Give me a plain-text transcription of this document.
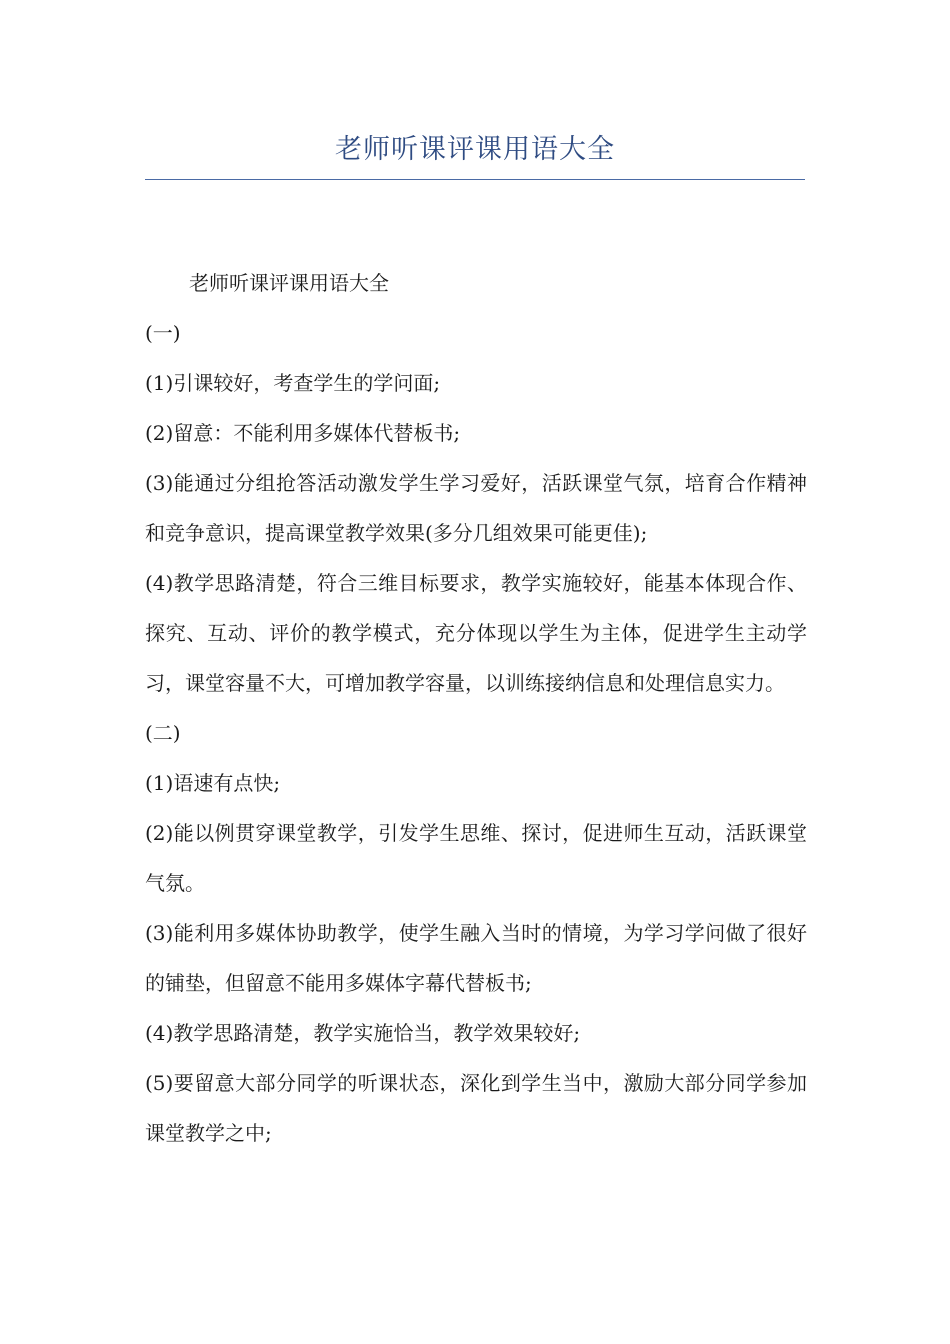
老师听课评课用语大全

老师听课评课用语大全

(一)

(1)引课较好，考查学生的学问面;

(2)留意：不能利用多媒体代替板书;

(3)能通过分组抢答活动激发学生学习爱好，活跃课堂气氛，培育合作精神和竞争意识，提高课堂教学效果(多分几组效果可能更佳);

(4)教学思路清楚，符合三维目标要求，教学实施较好，能基本体现合作、探究、互动、评价的教学模式，充分体现以学生为主体，促进学生主动学习，课堂容量不大，可增加教学容量，以训练接纳信息和处理信息实力。

(二)

(1)语速有点快;

(2)能以例贯穿课堂教学，引发学生思维、探讨，促进师生互动，活跃课堂气氛。

(3)能利用多媒体协助教学，使学生融入当时的情境，为学习学问做了很好的铺垫，但留意不能用多媒体字幕代替板书;

(4)教学思路清楚，教学实施恰当，教学效果较好;

(5)要留意大部分同学的听课状态，深化到学生当中，激励大部分同学参加课堂教学之中;
